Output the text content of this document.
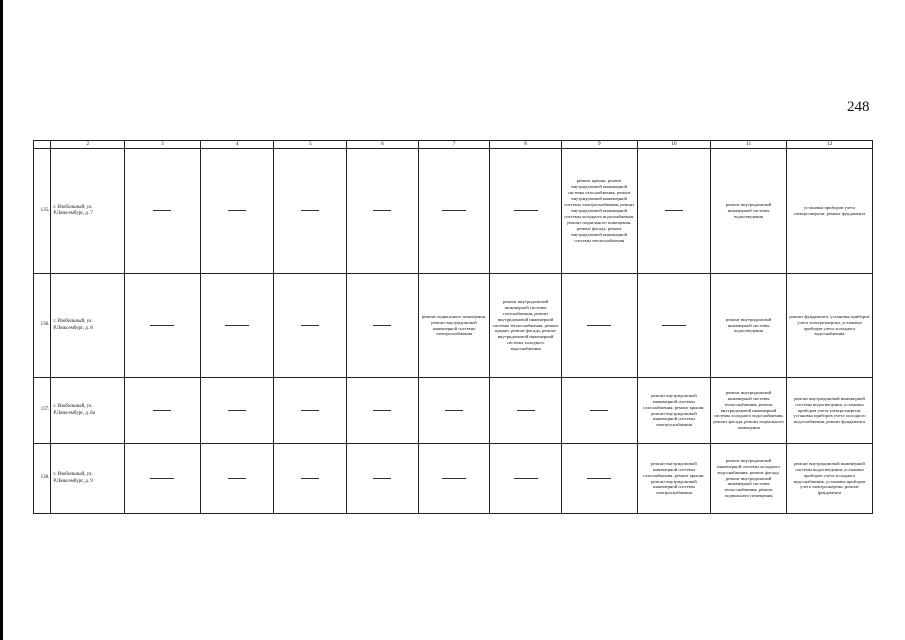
248
	2	3	4	5	6	7	8	9	10	11	12
135.	г. Изобильный, ул. Р.Люксембург, д. 7							ремонт крыши, ремонт внутридомовой инженерной системы газоснабжения, ремонт внутридомовой инженерной системы электроснабжения, ремонт внутридомовой инженерной системы холодного водоснабжения, ремонт подвального помещения, ремонт фасада, ремонт внутридомовой инженерной системы теплоснабжения		ремонт внутридомовой инженерной системы водоотведения	установка приборов учета электроэнергии, ремонт фундамента
136.	г. Изобильный, ул. Р.Люксембург, д. 8					ремонт подвального помещения, ремонт внутридомовой инженерной системы электроснабжения	ремонт внутридомовой инженерной системы газоснабжения, ремонт внутридомовой инженерной системы теплоснабжения, ремонт крыши, ремонт фасада, ремонт внутридомовой инженерной системы холодного водоснабжения			ремонт внутридомовой инженерной системы водоотведения	ремонт фундамента, установка приборов учета электроэнергии, установка приборов учета холодного водоснабжения
137.	г. Изобильный, ул. Р.Люксембург, д. 8а								ремонт внутридомовой инженерной системы газоснабжения, ремонт крыши, ремонт внутридомовой инженерной системы электроснабжения	ремонт внутридомовой инженерной системы теплоснабжения, ремонт внутридомовой инженерной системы холодного водоснабжения, ремонт фасада, ремонт подвального помещения	ремонт внутридомовой инженерной системы водоотведения, установка приборов учета электроэнергии, установка приборов учета холодного водоснабжения, ремонт фундамента
138.	г. Изобильный, ул. Р.Люксембург, д. 9								ремонт внутридомовой инженерной системы газоснабжения, ремонт крыши, ремонт внутридомовой инженерной системы электроснабжения	ремонт внутридомовой инженерной системы холодного водоснабжения, ремонт фасада, ремонт внутридомовой инженерной системы теплоснабжения, ремонт подвального помещения	ремонт внутридомовой инженерной системы водоотведения, установка приборов учета холодного водоснабжения, установка приборов учета электроэнергии, ремонт фундамента
